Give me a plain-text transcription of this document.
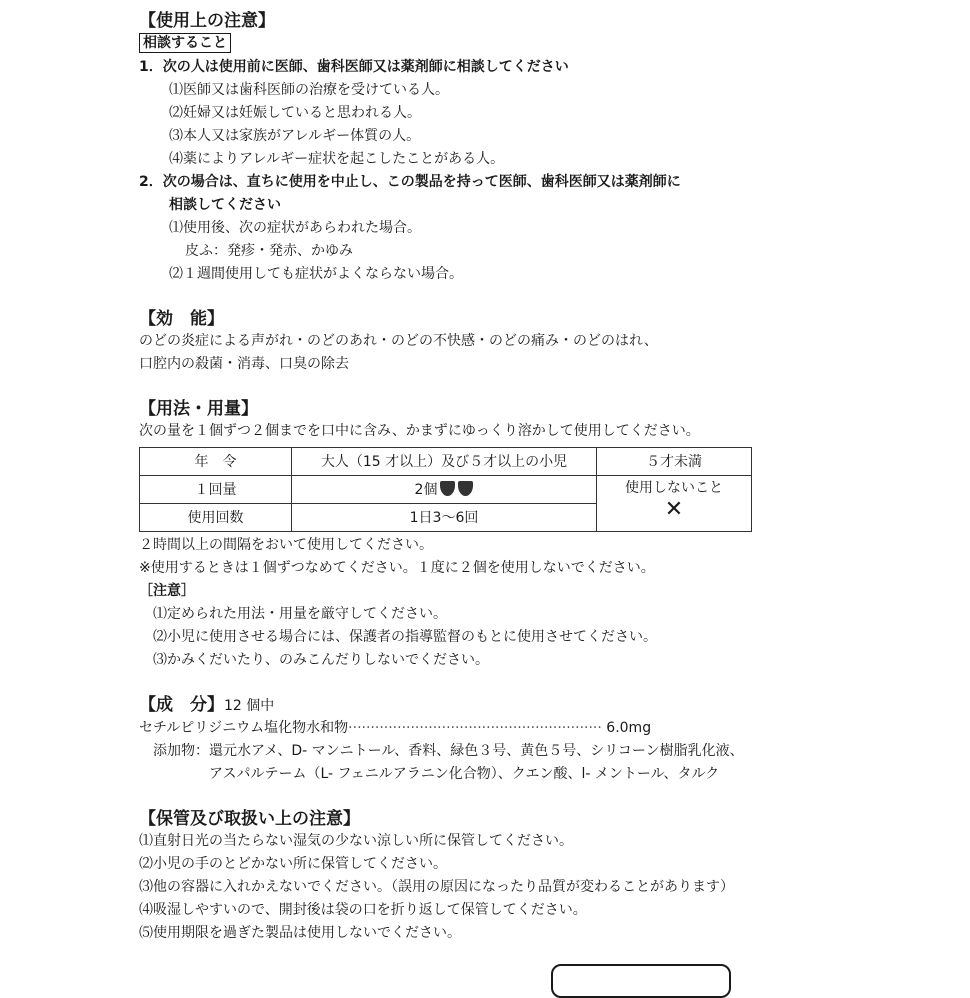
【使用上の注意】

相談すること

1．次の人は使用前に医師、歯科医師又は薬剤師に相談してください

⑴医師又は歯科医師の治療を受けている人。

⑵妊婦又は妊娠していると思われる人。

⑶本人又は家族がアレルギー体質の人。

⑷薬によりアレルギー症状を起こしたことがある人。

2．次の場合は、直ちに使用を中止し、この製品を持って医師、歯科医師又は薬剤師に

相談してください

⑴使用後、次の症状があらわれた場合。

皮ふ：発疹・発赤、かゆみ

⑵１週間使用しても症状がよくならない場合。

【効　能】

のどの炎症による声がれ・のどのあれ・のどの不快感・のどの痛み・のどのはれ、

口腔内の殺菌・消毒、口臭の除去

【用法・用量】

次の量を１個ずつ２個までを口中に含み、かまずにゆっくり溶かして使用してください。

年　令	大人（15 才以上）及び５才以上の小児	５才未満
１回量	2個	使用しないこと
✕

使用回数	1日3～6回	

２時間以上の間隔をおいて使用してください。

※使用するときは１個ずつなめてください。１度に２個を使用しないでください。

［注意］

⑴定められた用法・用量を厳守してください。

⑵小児に使用させる場合には、保護者の指導監督のもとに使用させてください。

⑶かみくだいたり、のみこんだりしないでください。

【成　分】12 個中

セチルピリジニウム塩化物水和物························································· 6.0mg

添加物： 還元水アメ、D- マンニトール、香料、緑色３号、黄色５号、シリコーン樹脂乳化液、

アスパルテーム（L- フェニルアラニン化合物）、クエン酸、l- メントール、タルク

【保管及び取扱い上の注意】

⑴直射日光の当たらない湿気の少ない涼しい所に保管してください。

⑵小児の手のとどかない所に保管してください。

⑶他の容器に入れかえないでください。（誤用の原因になったり品質が変わることがあります）

⑷吸湿しやすいので、開封後は袋の口を折り返して保管してください。

⑸使用期限を過ぎた製品は使用しないでください。
